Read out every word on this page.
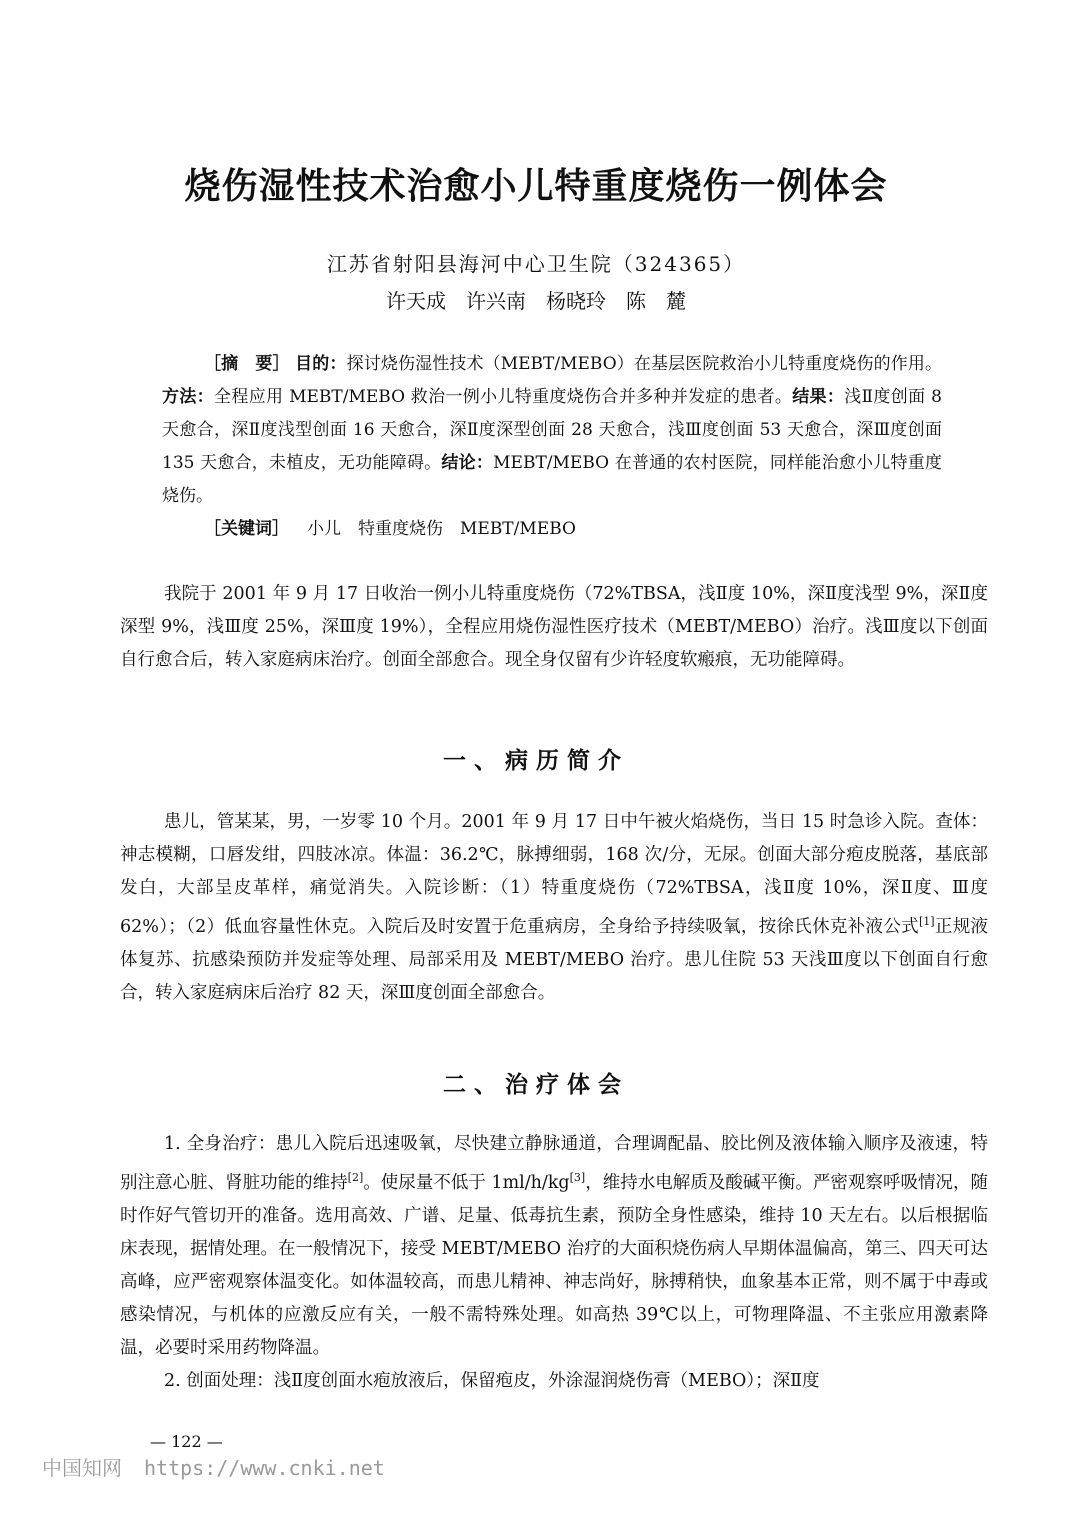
烧伤湿性技术治愈小儿特重度烧伤一例体会
江苏省射阳县海河中心卫生院（324365）
许天成　许兴南　杨晓玲　陈　麓

［摘　要］ 目的：探讨烧伤湿性技术（MEBT/MEBO）在基层医院救治小儿特重度烧伤的作用。方法：全程应用 MEBT/MEBO 救治一例小儿特重度烧伤合并多种并发症的患者。结果：浅Ⅱ度创面 8 天愈合，深Ⅱ度浅型创面 16 天愈合，深Ⅱ度深型创面 28 天愈合，浅Ⅲ度创面 53 天愈合，深Ⅲ度创面 135 天愈合，未植皮，无功能障碍。结论：MEBT/MEBO 在普通的农村医院，同样能治愈小儿特重度烧伤。

［关键词］ 小儿　特重度烧伤　MEBT/MEBO

我院于 2001 年 9 月 17 日收治一例小儿特重度烧伤（72%TBSA，浅Ⅱ度 10%，深Ⅱ度浅型 9%，深Ⅱ度深型 9%，浅Ⅲ度 25%，深Ⅲ度 19%），全程应用烧伤湿性医疗技术（MEBT/MEBO）治疗。浅Ⅲ度以下创面自行愈合后，转入家庭病床治疗。创面全部愈合。现全身仅留有少许轻度软瘢痕，无功能障碍。

一、病历简介

患儿，管某某，男，一岁零 10 个月。2001 年 9 月 17 日中午被火焰烧伤，当日 15 时急诊入院。查体：神志模糊，口唇发绀，四肢冰凉。体温：36.2℃，脉搏细弱，168 次/分，无尿。创面大部分疱皮脱落，基底部发白，大部呈皮革样，痛觉消失。入院诊断：（1）特重度烧伤（72%TBSA，浅Ⅱ度 10%，深Ⅱ度、Ⅲ度 62%）；（2）低血容量性休克。入院后及时安置于危重病房，全身给予持续吸氧，按徐氏休克补液公式[1]正规液体复苏、抗感染预防并发症等处理、局部采用及 MEBT/MEBO 治疗。患儿住院 53 天浅Ⅲ度以下创面自行愈合，转入家庭病床后治疗 82 天，深Ⅲ度创面全部愈合。

二、治疗体会

1. 全身治疗：患儿入院后迅速吸氧，尽快建立静脉通道，合理调配晶、胶比例及液体输入顺序及液速，特别注意心脏、肾脏功能的维持[2]。使尿量不低于 1ml/h/kg[3]，维持水电解质及酸碱平衡。严密观察呼吸情况，随时作好气管切开的准备。选用高效、广谱、足量、低毒抗生素，预防全身性感染，维持 10 天左右。以后根据临床表现，据情处理。在一般情况下，接受 MEBT/MEBO 治疗的大面积烧伤病人早期体温偏高，第三、四天可达高峰，应严密观察体温变化。如体温较高，而患儿精神、神志尚好，脉搏稍快，血象基本正常，则不属于中毒或感染情况，与机体的应激反应有关，一般不需特殊处理。如高热 39℃以上，可物理降温、不主张应用激素降温，必要时采用药物降温。

2. 创面处理：浅Ⅱ度创面水疱放液后，保留疱皮，外涂湿润烧伤膏（MEBO）；深Ⅱ度

— 122 —
中国知网 https://www.cnki.net
